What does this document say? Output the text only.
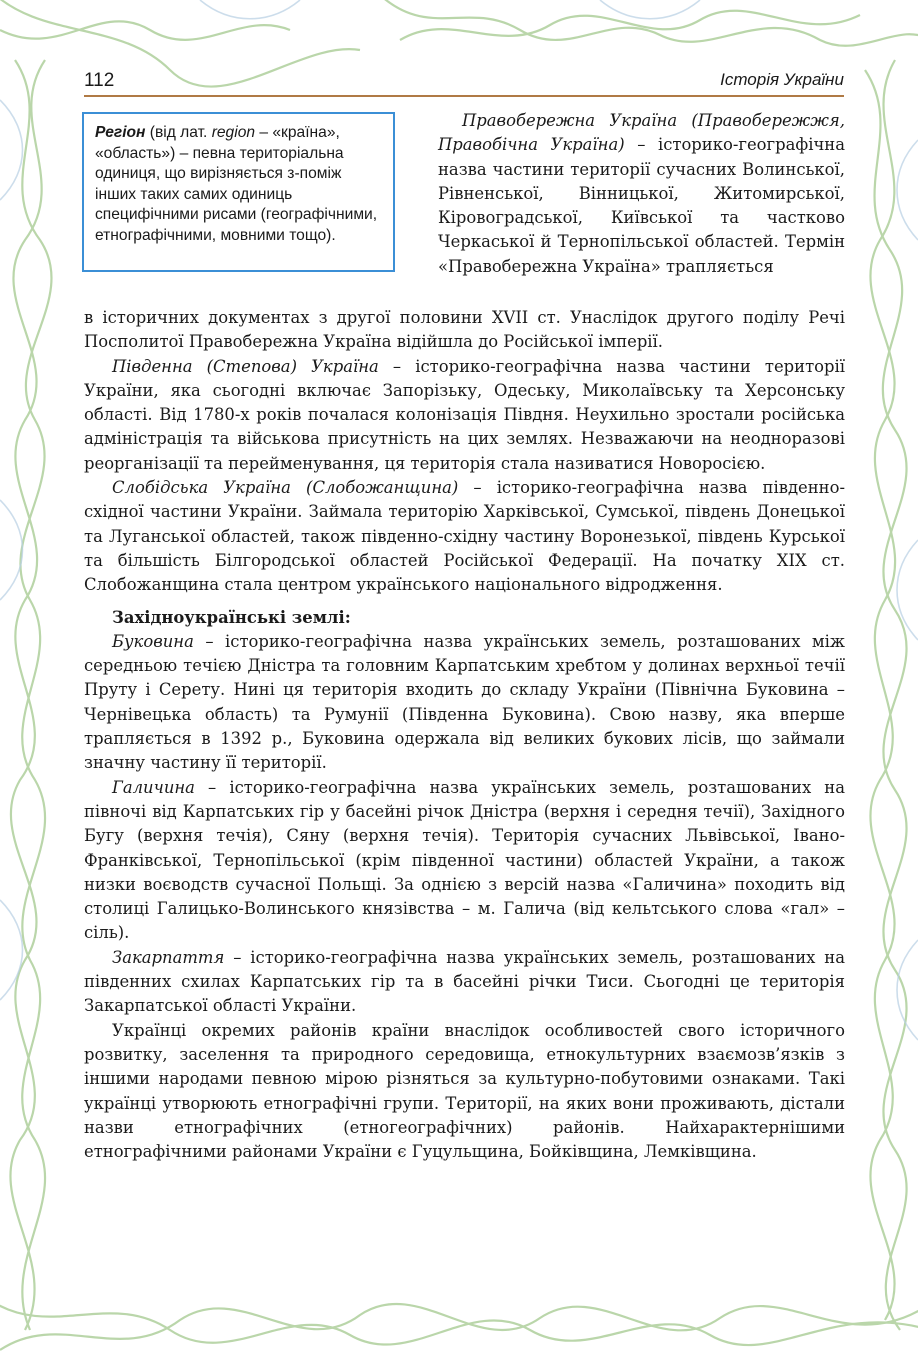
112	Історія України
Регіон (від лат. region – «країна», «область») – певна територіальна одиниця, що вирізняється з-поміж інших таких самих одиниць специфічними рисами (географічними, етнографічними, мовними тощо).

Правобережна Україна (Правобережжя, Правобічна Україна) – історико-географічна назва частини території сучасних Волинської, Рівненської, Вінницької, Житомирської, Кіровоградської, Київської та частково Черкаської й Тернопільської областей. Термін «Правобережна Україна» трапляється

в історичних документах з другої половини XVII ст. Унаслідок другого поділу Речі Посполитої Правобережна Україна відійшла до Російської імперії.

Південна (Степова) Україна – історико-географічна назва частини території України, яка сьогодні включає Запорізьку, Одеську, Миколаївську та Херсонську області. Від 1780-х років почалася колонізація Півдня. Неухильно зростали російська адміністрація та військова присутність на цих землях. Незважаючи на неодноразові реорганізації та перейменування, ця територія стала називатися Новоросією.

Слобідська Україна (Слобожанщина) – історико-географічна назва південно-східної частини України. Займала територію Харківської, Сумської, південь Донецької та Луганської областей, також південно-східну частину Воронезької, південь Курської та більшість Білгородської областей Російської Федерації. На початку XIX ст. Слобожанщина стала центром українського національного відродження.

Західноукраїнські землі:

Буковина – історико-географічна назва українських земель, розташованих між середньою течією Дністра та головним Карпатським хребтом у долинах верхньої течії Пруту і Серету. Нині ця територія входить до складу України (Північна Буковина – Чернівецька область) та Румунії (Південна Буковина). Свою назву, яка вперше трапляється в 1392 р., Буковина одержала від великих букових лісів, що займали значну частину її території.

Галичина – історико-географічна назва українських земель, розташованих на півночі від Карпатських гір у басейні річок Дністра (верхня і середня течії), Західного Бугу (верхня течія), Сяну (верхня течія). Територія сучасних Львівської, Івано-Франківської, Тернопільської (крім південної частини) областей України, а також низки воєводств сучасної Польщі. За однією з версій назва «Галичина» походить від столиці Галицько-Волинського князівства – м. Галича (від кельтського слова «гал» – сіль).

Закарпаття – історико-географічна назва українських земель, розташованих на південних схилах Карпатських гір та в басейні річки Тиси. Сьогодні це територія Закарпатської області України.

Українці окремих районів країни внаслідок особливостей свого історичного розвитку, заселення та природного середовища, етнокультурних взаємозв’язків з іншими народами певною мірою різняться за культурно-побутовими ознаками. Такі українці утворюють етнографічні групи. Території, на яких вони проживають, дістали назви етнографічних (етногеографічних) районів. Найхарактернішими етнографічними районами України є Гуцульщина, Бойківщина, Лемківщина.
